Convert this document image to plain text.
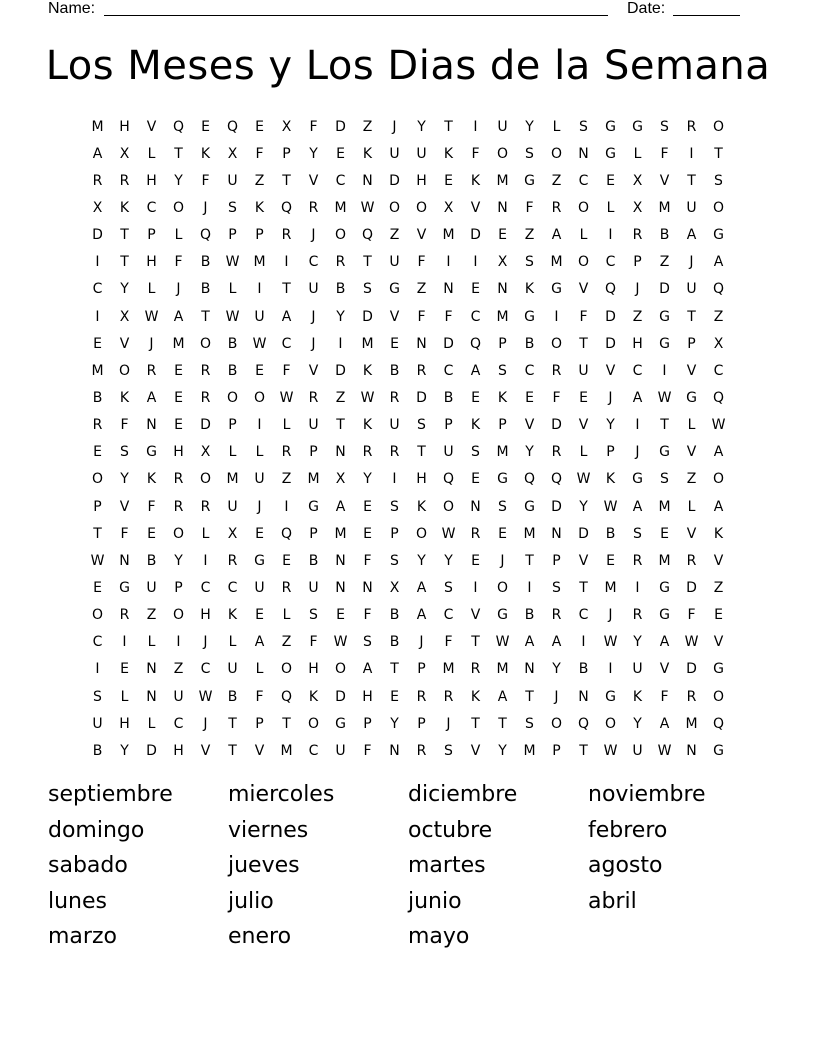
Name:	Date:
Los Meses y Los Dias de la Semana
M	H	V	Q	E	Q	E	X	F	D	Z	J	Y	T	I	U	Y	L	S	G	G	S	R	O
A	X	L	T	K	X	F	P	Y	E	K	U	U	K	F	O	S	O	N	G	L	F	I	T
R	R	H	Y	F	U	Z	T	V	C	N	D	H	E	K	M	G	Z	C	E	X	V	T	S
X	K	C	O	J	S	K	Q	R	M	W	O	O	X	V	N	F	R	O	L	X	M	U	O
D	T	P	L	Q	P	P	R	J	O	Q	Z	V	M	D	E	Z	A	L	I	R	B	A	G
I	T	H	F	B	W	M	I	C	R	T	U	F	I	I	X	S	M	O	C	P	Z	J	A
C	Y	L	J	B	L	I	T	U	B	S	G	Z	N	E	N	K	G	V	Q	J	D	U	Q
I	X	W	A	T	W	U	A	J	Y	D	V	F	F	C	M	G	I	F	D	Z	G	T	Z
E	V	J	M	O	B	W	C	J	I	M	E	N	D	Q	P	B	O	T	D	H	G	P	X
M	O	R	E	R	B	E	F	V	D	K	B	R	C	A	S	C	R	U	V	C	I	V	C
B	K	A	E	R	O	O	W	R	Z	W	R	D	B	E	K	E	F	E	J	A	W	G	Q
R	F	N	E	D	P	I	L	U	T	K	U	S	P	K	P	V	D	V	Y	I	T	L	W
E	S	G	H	X	L	L	R	P	N	R	R	T	U	S	M	Y	R	L	P	J	G	V	A
O	Y	K	R	O	M	U	Z	M	X	Y	I	H	Q	E	G	Q	Q	W	K	G	S	Z	O
P	V	F	R	R	U	J	I	G	A	E	S	K	O	N	S	G	D	Y	W	A	M	L	A
T	F	E	O	L	X	E	Q	P	M	E	P	O	W	R	E	M	N	D	B	S	E	V	K
W	N	B	Y	I	R	G	E	B	N	F	S	Y	Y	E	J	T	P	V	E	R	M	R	V
E	G	U	P	C	C	U	R	U	N	N	X	A	S	I	O	I	S	T	M	I	G	D	Z
O	R	Z	O	H	K	E	L	S	E	F	B	A	C	V	G	B	R	C	J	R	G	F	E
C	I	L	I	J	L	A	Z	F	W	S	B	J	F	T	W	A	A	I	W	Y	A	W	V
I	E	N	Z	C	U	L	O	H	O	A	T	P	M	R	M	N	Y	B	I	U	V	D	G
S	L	N	U	W	B	F	Q	K	D	H	E	R	R	K	A	T	J	N	G	K	F	R	O
U	H	L	C	J	T	P	T	O	G	P	Y	P	J	T	T	S	O	Q	O	Y	A	M	Q
B	Y	D	H	V	T	V	M	C	U	F	N	R	S	V	Y	M	P	T	W	U	W	N	G
septiembre	miercoles	diciembre	noviembre
domingo	viernes	octubre	febrero
sabado	jueves	martes	agosto
lunes	julio	junio	abril
marzo	enero	mayo
